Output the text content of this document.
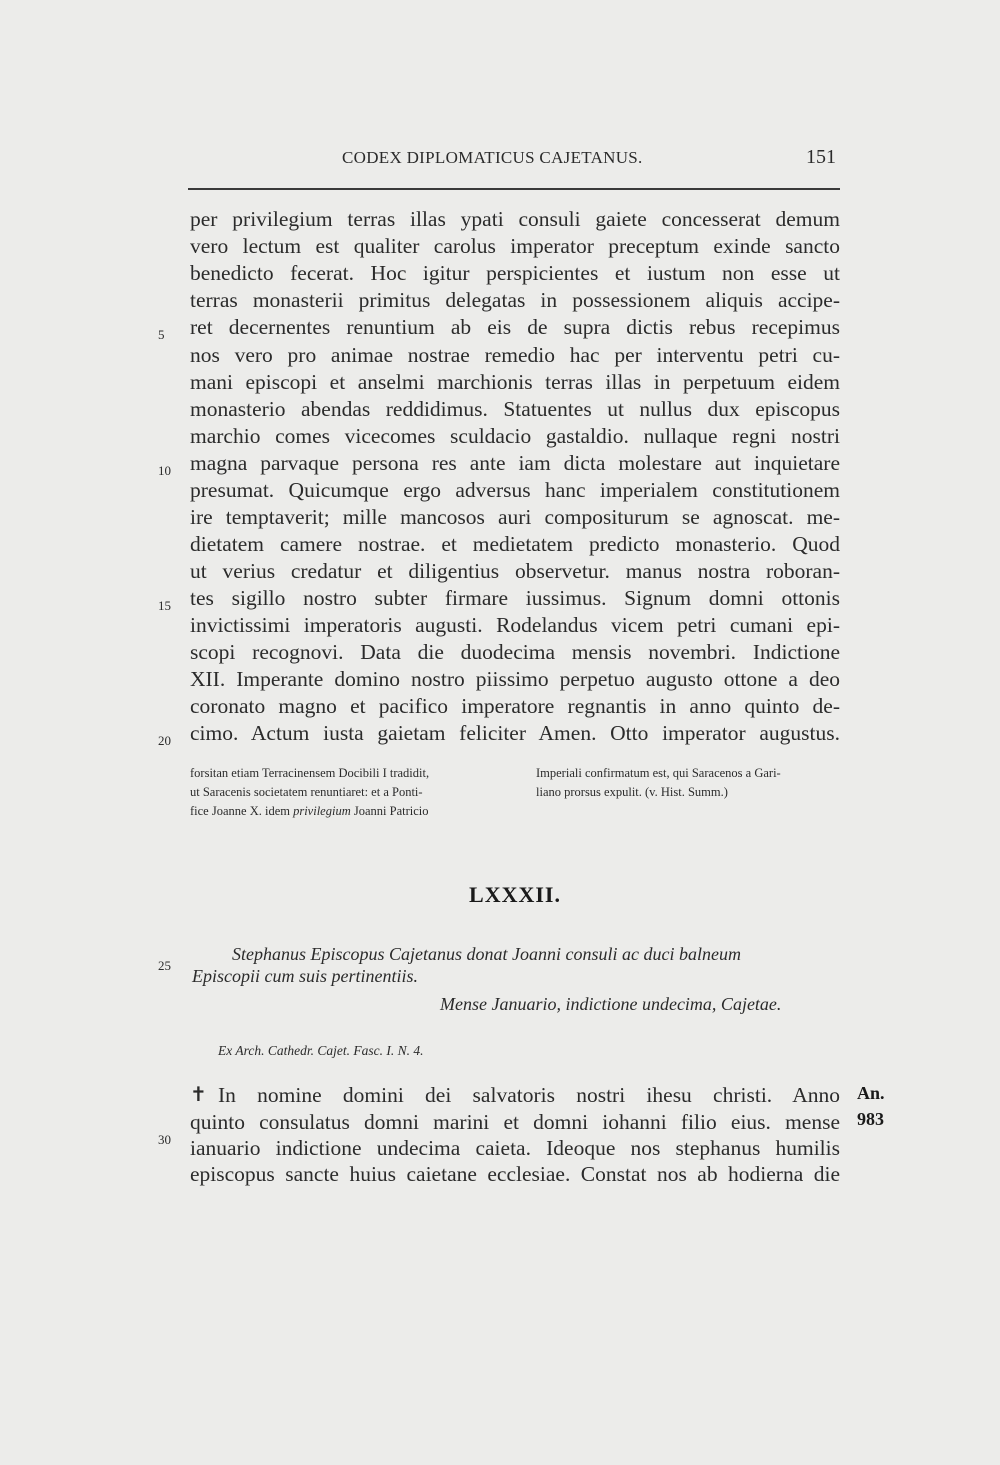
CODEX DIPLOMATICUS CAJETANUS.	151
per privilegium terras illas ypati consuli gaiete concesserat demum
vero lectum est qualiter carolus imperator preceptum exinde sancto
benedicto fecerat. Hoc igitur perspicientes et iustum non esse ut
terras monasterii primitus delegatas in possessionem aliquis accipe-
ret decernentes renuntium ab eis de supra dictis rebus recepimus
nos vero pro animae nostrae remedio hac per interventu petri cu-
mani episcopi et anselmi marchionis terras illas in perpetuum eidem
monasterio abendas reddidimus. Statuentes ut nullus dux episcopus
marchio comes vicecomes sculdacio gastaldio. nullaque regni nostri
magna parvaque persona res ante iam dicta molestare aut inquietare
presumat. Quicumque ergo adversus hanc imperialem constitutionem
ire temptaverit; mille mancosos auri compositurum se agnoscat. me-
dietatem camere nostrae. et medietatem predicto monasterio. Quod
ut verius credatur et diligentius observetur. manus nostra roboran-
tes sigillo nostro subter firmare iussimus. Signum domni ottonis
invictissimi imperatoris augusti. Rodelandus vicem petri cumani epi-
scopi recognovi. Data die duodecima mensis novembri. Indictione
XII. Imperante domino nostro piissimo perpetuo augusto ottone a deo
coronato magno et pacifico imperatore regnantis in anno quinto de-
cimo. Actum iusta gaietam feliciter Amen. Otto imperator augustus.
5
10
15
20
25
30
forsitan etiam Terracinensem Docibili I tradidit,
ut Saracenis societatem renuntiaret: et a Ponti-
fice Joanne X. idem privilegium Joanni Patricio
Imperiali confirmatum est, qui Saracenos a Gari-
liano prorsus expulit. (v. Hist. Summ.)
LXXXII.
Stephanus Episcopus Cajetanus donat Joanni consuli ac duci balneum
Episcopii cum suis pertinentiis.
Mense Januario, indictione undecima, Cajetae.
Ex Arch. Cathedr. Cajet. Fasc. I. N. 4.
✝ In nomine domini dei salvatoris nostri ihesu christi. Anno
quinto consulatus domni marini et domni iohanni filio eius. mense
ianuario indictione undecima caieta. Ideoque nos stephanus humilis
episcopus sancte huius caietane ecclesiae. Constat nos ab hodierna die
An.
983
